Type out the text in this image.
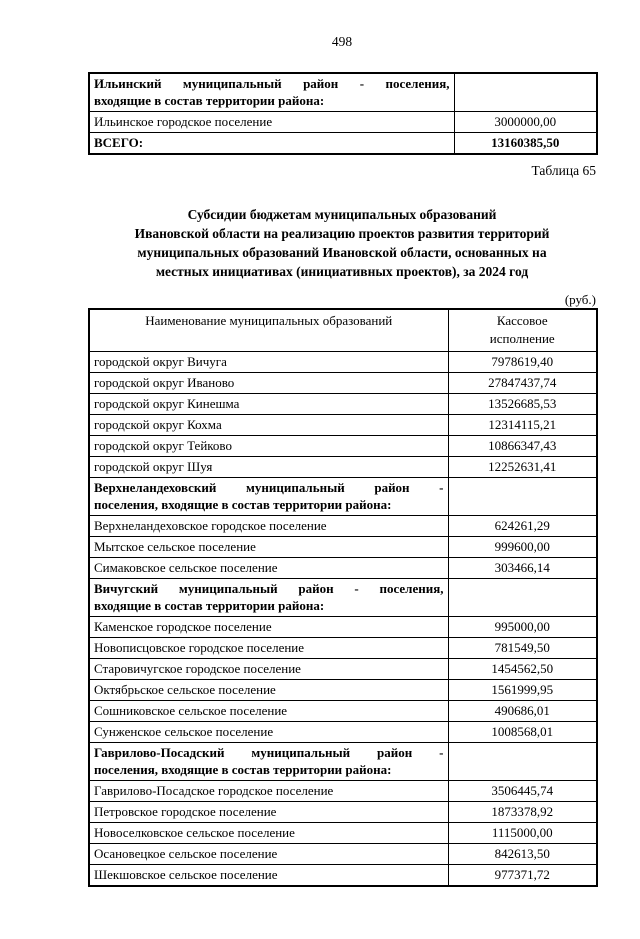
498
Ильинский муниципальный район - поселения,
входящие в состав территории района:	

Ильинское городское поселение	3000000,00
ВСЕГО:	13160385,50
Таблица 65
Субсидии бюджетам муниципальных образований
Ивановской области на реализацию проектов развития территорий
муниципальных образований Ивановской области, основанных на
местных инициативах (инициативных проектов), за 2024 год
(руб.)
Наименование муниципальных образований	Кассовое
исполнение

городской округ Вичуга	7978619,40
городской округ Иваново	27847437,74
городской округ Кинешма	13526685,53
городской округ Кохма	12314115,21
городской округ Тейково	10866347,43
городской округ Шуя	12252631,41

Верхнеландеховский муниципальный район -
поселения, входящие в состав территории района:	

Верхнеландеховское городское поселение	624261,29
Мытское сельское поселение	999600,00
Симаковское сельское поселение	303466,14

Вичугский муниципальный район - поселения,
входящие в состав территории района:	

Каменское городское поселение	995000,00
Новописцовское городское поселение	781549,50
Старовичугское городское поселение	1454562,50
Октябрьское сельское поселение	1561999,95
Сошниковское сельское поселение	490686,01
Сунженское сельское поселение	1008568,01

Гаврилово-Посадский муниципальный район -
поселения, входящие в состав территории района:	

Гаврилово-Посадское городское поселение	3506445,74
Петровское городское поселение	1873378,92
Новоселковское сельское поселение	1115000,00
Осановецкое сельское поселение	842613,50
Шекшовское сельское поселение	977371,72
